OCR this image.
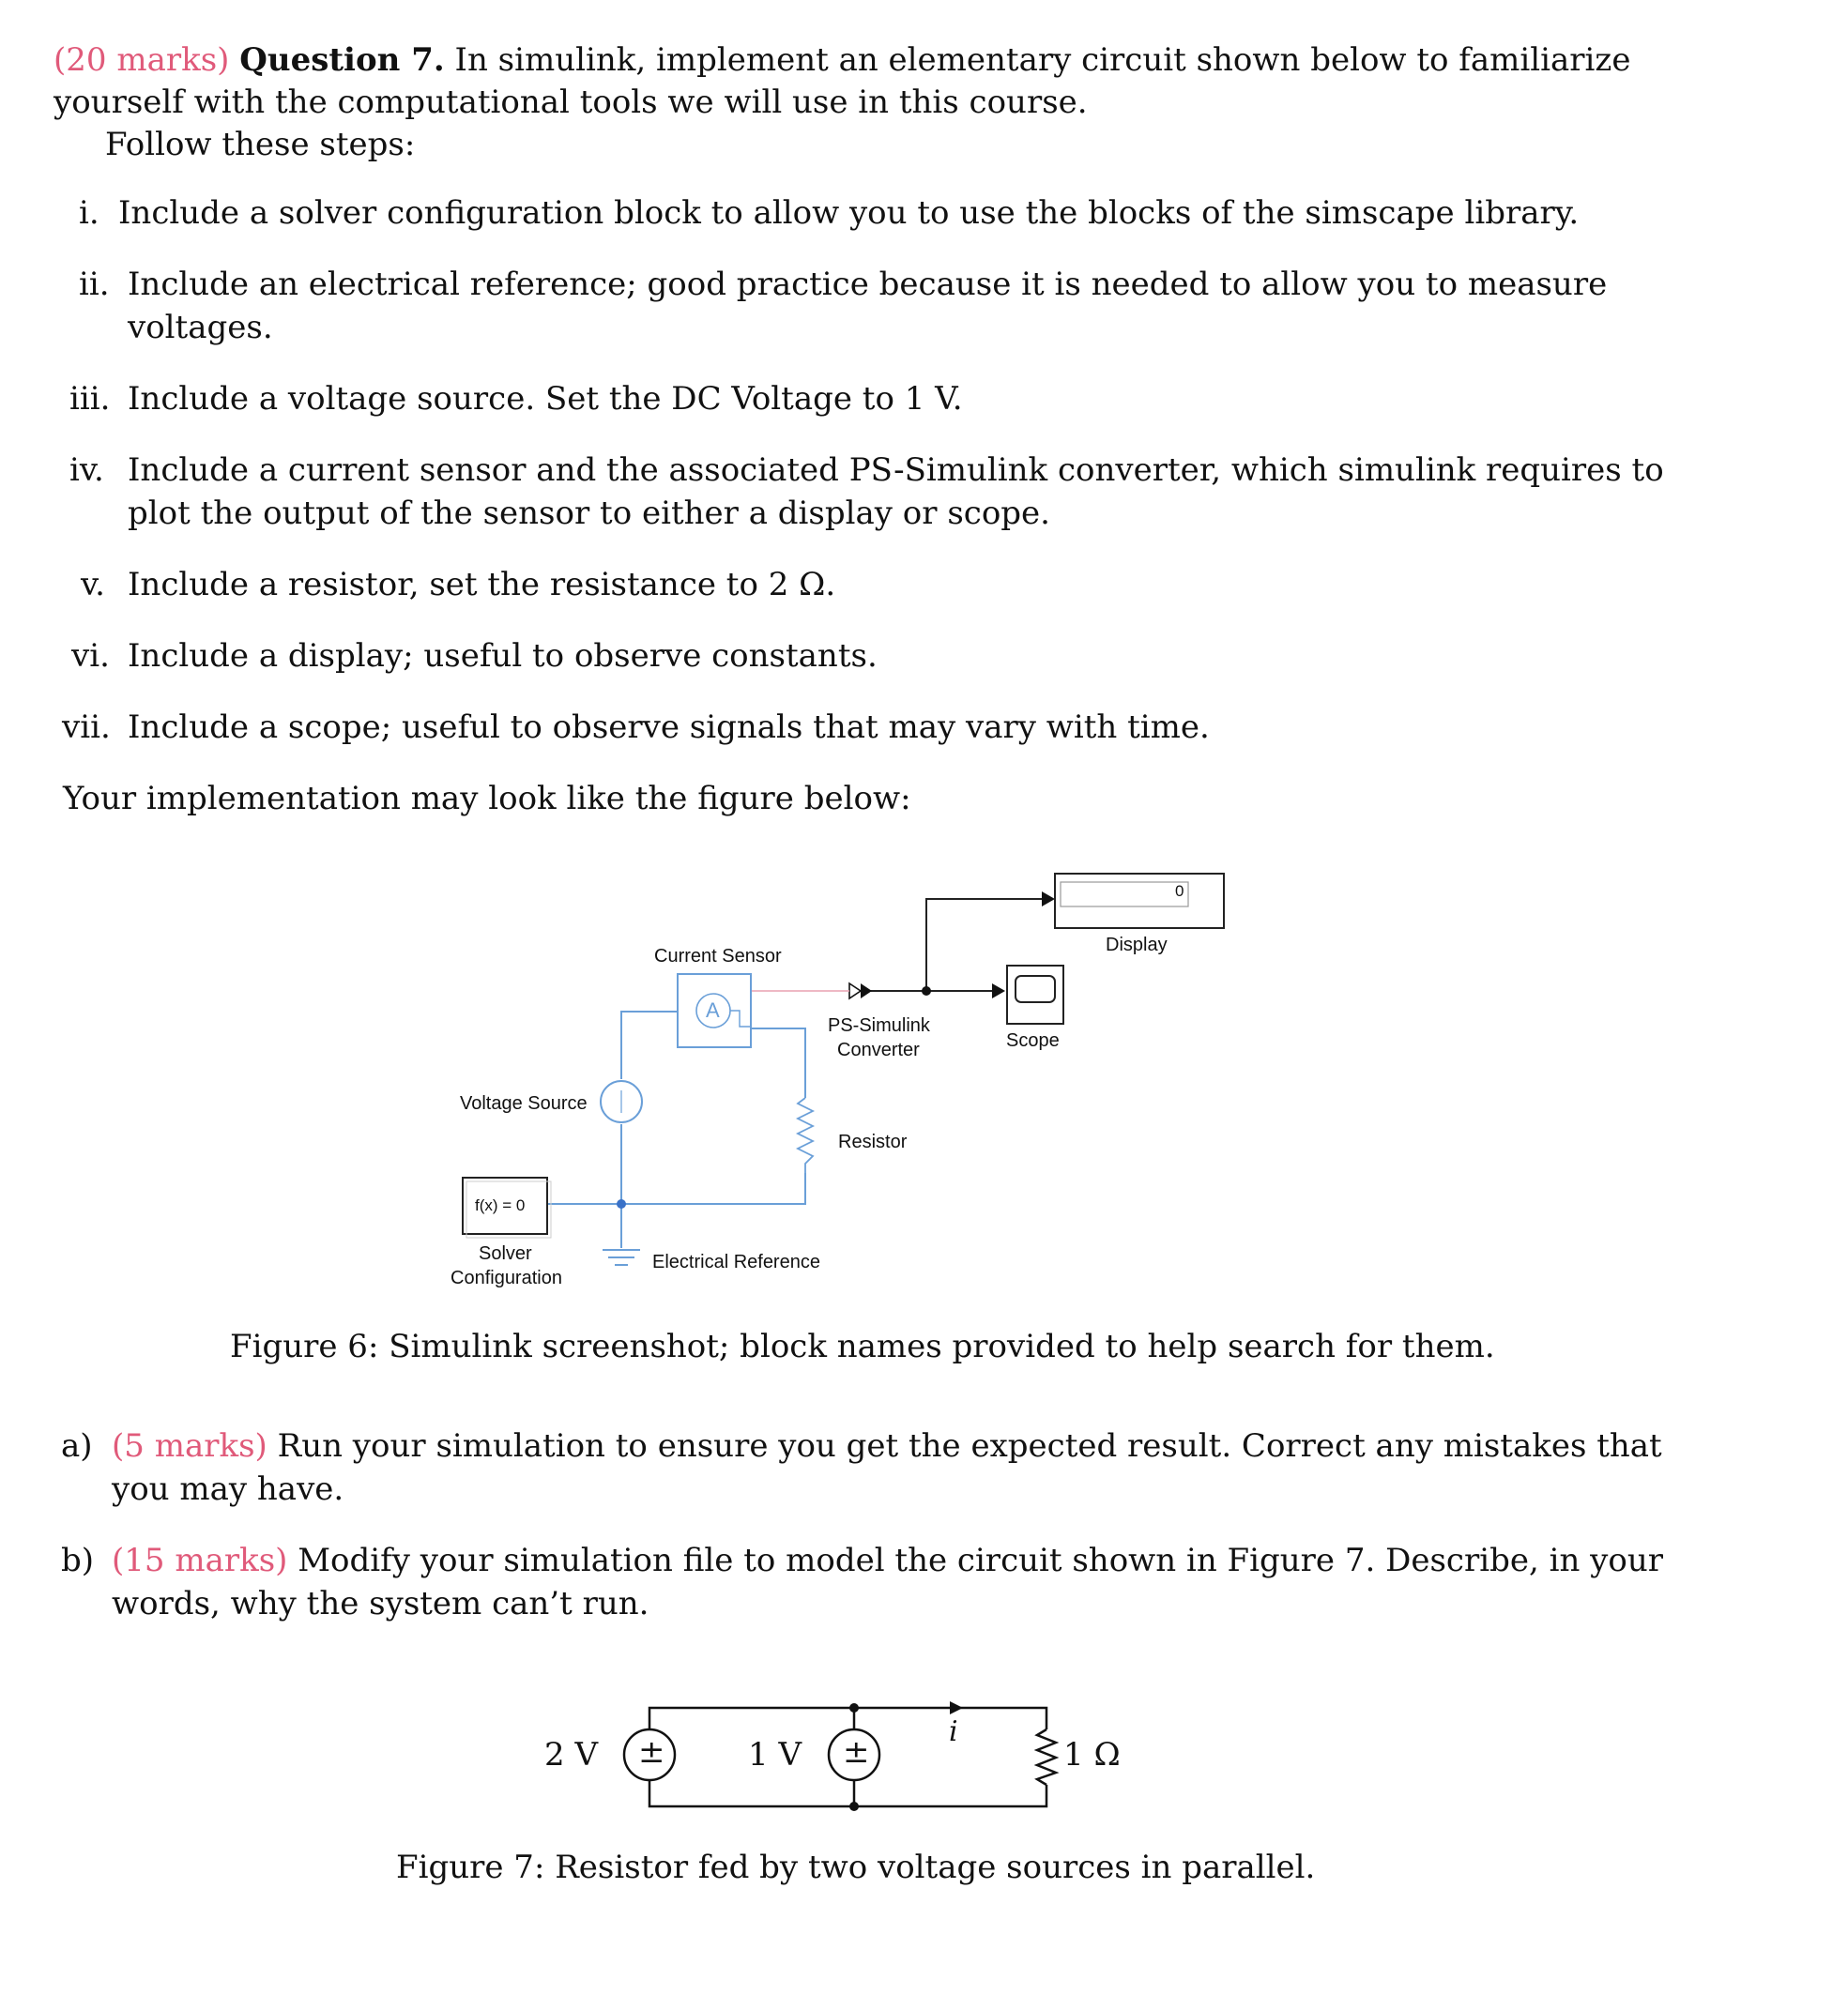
(20 marks) Question 7. In simulink, implement an elementary circuit shown below to familiarize
yourself with the computational tools we will use in this course.
Follow these steps:
i. Include a solver configuration block to allow you to use the blocks of the simscape library.
ii. Include an electrical reference; good practice because it is needed to allow you to measure
voltages.
iii. Include a voltage source. Set the DC Voltage to 1 V.
iv. Include a current sensor and the associated PS-Simulink converter, which simulink requires to
plot the output of the sensor to either a display or scope.
v. Include a resistor, set the resistance to 2 Ω.
vi. Include a display; useful to observe constants.
vii. Include a scope; useful to observe signals that may vary with time.
Your implementation may look like the figure below:
0
Display
Current Sensor
A
PS-Simulink
Converter	Scope
Voltage Source
Resistor
f(x) = 0
Solver
Configuration
Electrical Reference
Figure 6: Simulink screenshot; block names provided to help search for them.
a) (5 marks) Run your simulation to ensure you get the expected result. Correct any mistakes that
you may have.
b) (15 marks) Modify your simulation file to model the circuit shown in Figure 7. Describe, in your
words, why the system can’t run.
±	±
2 V	1 V
i
1 Ω
Figure 7: Resistor fed by two voltage sources in parallel.
